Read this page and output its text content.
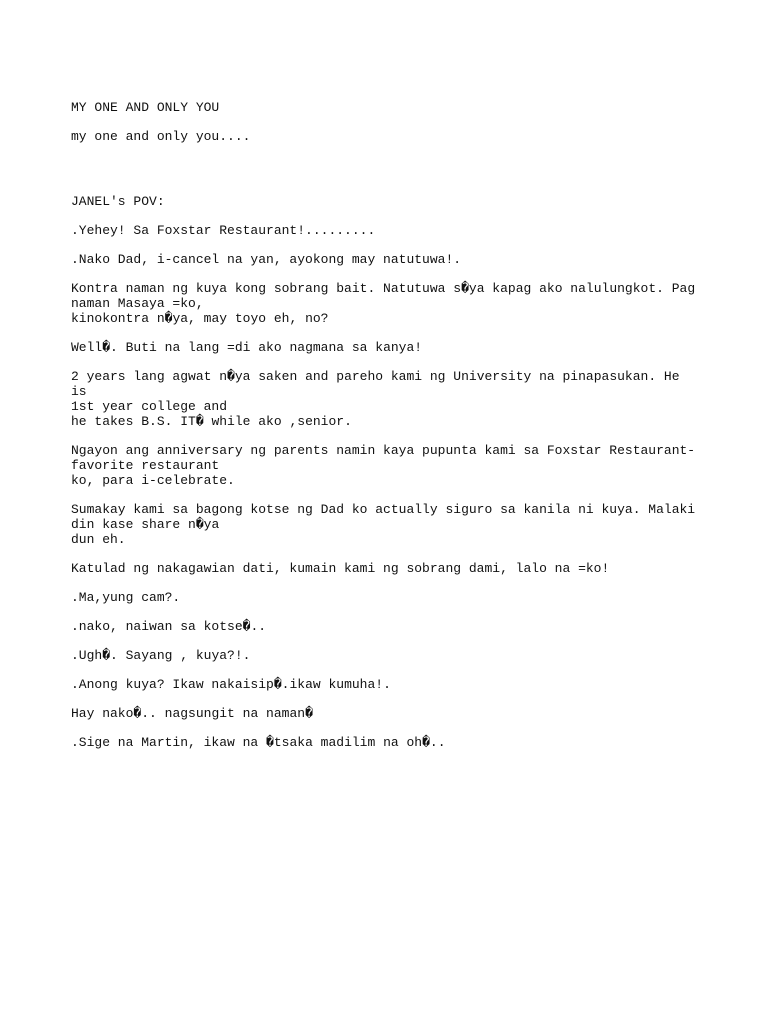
MY ONE AND ONLY YOU

my one and only you....

JANEL's POV:

.Yehey! Sa Foxstar Restaurant!.........

.Nako Dad, i-cancel na yan, ayokong may natutuwa!.

Kontra naman ng kuya kong sobrang bait. Natutuwa s�ya kapag ako nalulungkot. Pag
naman Masaya =ko,
kinokontra n�ya, may toyo eh, no?

Well�. Buti na lang =di ako nagmana sa kanya!

2 years lang agwat n�ya saken and pareho kami ng University na pinapasukan. He is
1st year college and
he takes B.S. IT� while ako ,senior.

Ngayon ang anniversary ng parents namin kaya pupunta kami sa Foxstar Restaurant-
favorite restaurant
ko, para i-celebrate.

Sumakay kami sa bagong kotse ng Dad ko actually siguro sa kanila ni kuya. Malaki
din kase share n�ya
dun eh.

Katulad ng nakagawian dati, kumain kami ng sobrang dami, lalo na =ko!

.Ma,yung cam?.

.nako, naiwan sa kotse�..

.Ugh�. Sayang , kuya?!.

.Anong kuya? Ikaw nakaisip�.ikaw kumuha!.

Hay nako�.. nagsungit na naman�

.Sige na Martin, ikaw na �tsaka madilim na oh�..
